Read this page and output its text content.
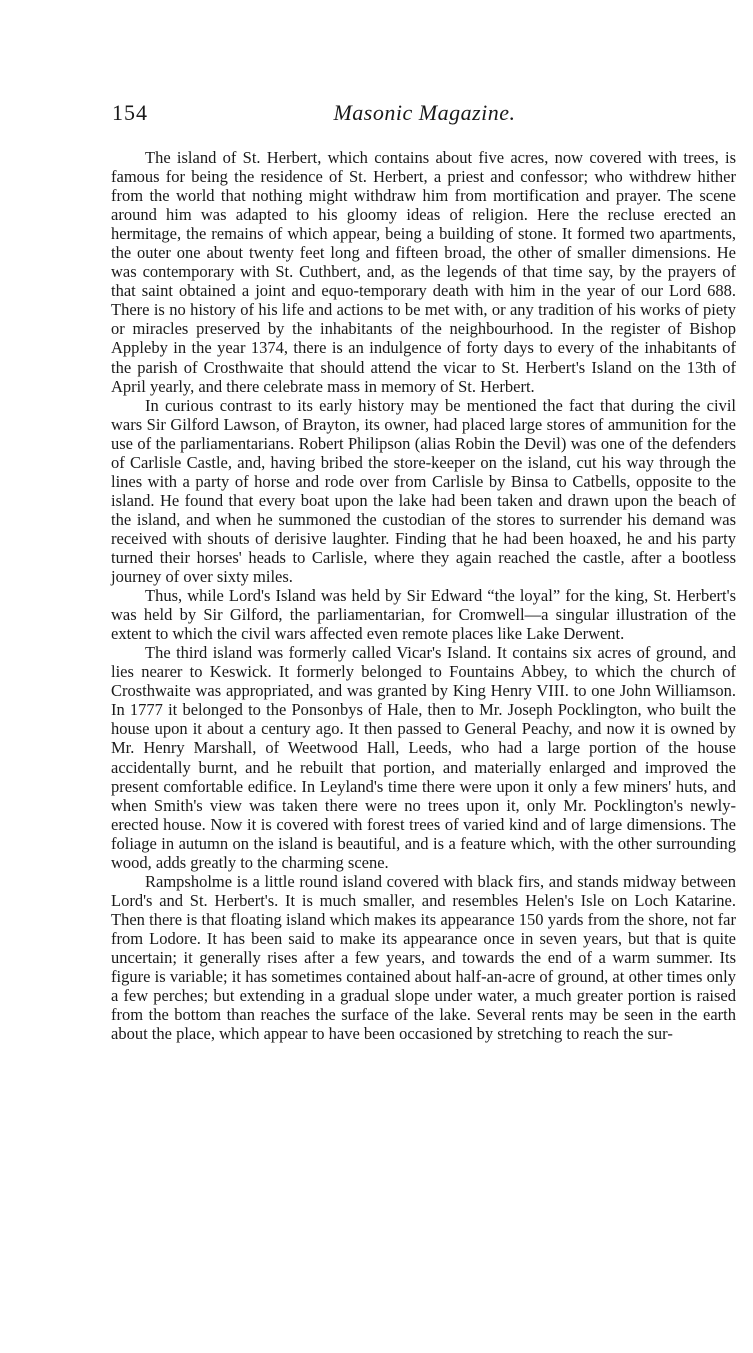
154	Masonic Magazine.

The island of St. Herbert, which contains about five acres, now covered with trees, is famous for being the residence of St. Herbert, a priest and confessor; who withdrew hither from the world that nothing might withdraw him from mortification and prayer. The scene around him was adapted to his gloomy ideas of religion. Here the recluse erected an hermitage, the remains of which appear, being a building of stone. It formed two apartments, the outer one about twenty feet long and fifteen broad, the other of smaller dimensions. He was contemporary with St. Cuthbert, and, as the legends of that time say, by the prayers of that saint obtained a joint and equo-temporary death with him in the year of our Lord 688. There is no history of his life and actions to be met with, or any tradition of his works of piety or miracles preserved by the inhabitants of the neighbourhood. In the register of Bishop Appleby in the year 1374, there is an indulgence of forty days to every of the inhabitants of the parish of Crosthwaite that should attend the vicar to St. Herbert's Island on the 13th of April yearly, and there celebrate mass in memory of St. Herbert.

In curious contrast to its early history may be mentioned the fact that during the civil wars Sir Gilford Lawson, of Brayton, its owner, had placed large stores of ammunition for the use of the parliamentarians. Robert Philipson (alias Robin the Devil) was one of the defenders of Carlisle Castle, and, having bribed the store-keeper on the island, cut his way through the lines with a party of horse and rode over from Carlisle by Binsa to Catbells, opposite to the island. He found that every boat upon the lake had been taken and drawn upon the beach of the island, and when he summoned the custodian of the stores to surrender his demand was received with shouts of derisive laughter. Finding that he had been hoaxed, he and his party turned their horses' heads to Carlisle, where they again reached the castle, after a bootless journey of over sixty miles.

Thus, while Lord's Island was held by Sir Edward “the loyal” for the king, St. Herbert's was held by Sir Gilford, the parliamentarian, for Cromwell—a singular illustration of the extent to which the civil wars affected even remote places like Lake Derwent.

The third island was formerly called Vicar's Island. It contains six acres of ground, and lies nearer to Keswick. It formerly belonged to Fountains Abbey, to which the church of Crosthwaite was appropriated, and was granted by King Henry VIII. to one John Williamson. In 1777 it belonged to the Ponsonbys of Hale, then to Mr. Joseph Pocklington, who built the house upon it about a century ago. It then passed to General Peachy, and now it is owned by Mr. Henry Marshall, of Weetwood Hall, Leeds, who had a large portion of the house accidentally burnt, and he rebuilt that portion, and materially enlarged and improved the present comfortable edifice. In Leyland's time there were upon it only a few miners' huts, and when Smith's view was taken there were no trees upon it, only Mr. Pocklington's newly-erected house. Now it is covered with forest trees of varied kind and of large dimensions. The foliage in autumn on the island is beautiful, and is a feature which, with the other surrounding wood, adds greatly to the charming scene.

Rampsholme is a little round island covered with black firs, and stands midway between Lord's and St. Herbert's. It is much smaller, and resembles Helen's Isle on Loch Katarine. Then there is that floating island which makes its appearance 150 yards from the shore, not far from Lodore. It has been said to make its appearance once in seven years, but that is quite uncertain; it generally rises after a few years, and towards the end of a warm summer. Its figure is variable; it has sometimes contained about half-an-acre of ground, at other times only a few perches; but extending in a gradual slope under water, a much greater portion is raised from the bottom than reaches the surface of the lake. Several rents may be seen in the earth about the place, which appear to have been occasioned by stretching to reach the sur-
